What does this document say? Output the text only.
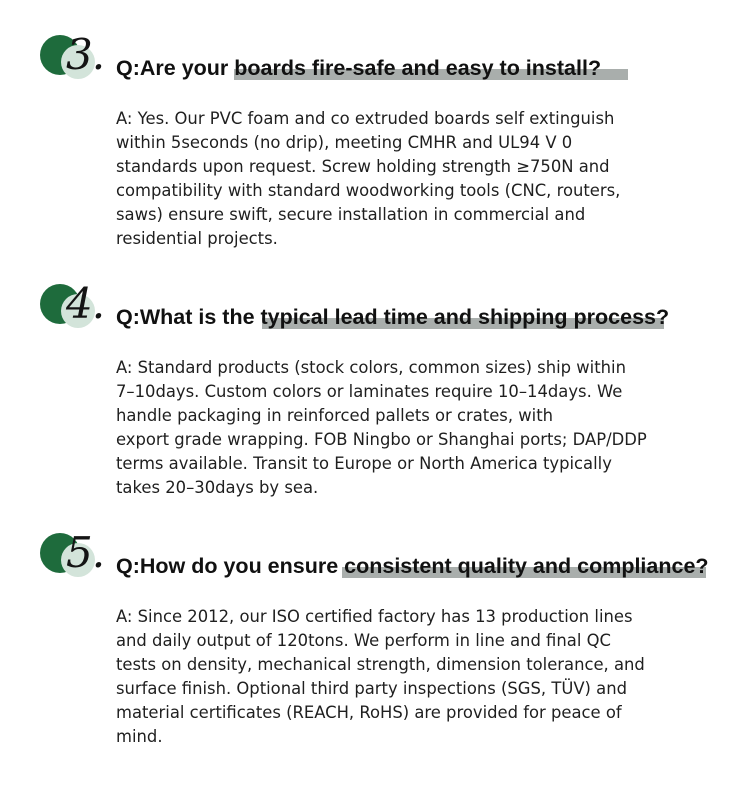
3. Q:Are your boards fire-safe and easy to install?

A: Yes. Our PVC foam and co extruded boards self extinguish
within 5seconds (no drip), meeting CMHR and UL94 V 0
standards upon request. Screw holding strength ≥750N and
compatibility with standard woodworking tools (CNC, routers,
saws) ensure swift, secure installation in commercial and
residential projects.

4. Q:What is the typical lead time and shipping process?

A: Standard products (stock colors, common sizes) ship within
7–10days. Custom colors or laminates require 10–14days. We
handle packaging in reinforced pallets or crates, with
export grade wrapping. FOB Ningbo or Shanghai ports; DAP/DDP
terms available. Transit to Europe or North America typically
takes 20–30days by sea.

5. Q:How do you ensure consistent quality and compliance?

A: Since 2012, our ISO certified factory has 13 production lines
and daily output of 120tons. We perform in line and final QC
tests on density, mechanical strength, dimension tolerance, and
surface finish. Optional third party inspections (SGS, TÜV) and
material certificates (REACH, RoHS) are provided for peace of
mind.
